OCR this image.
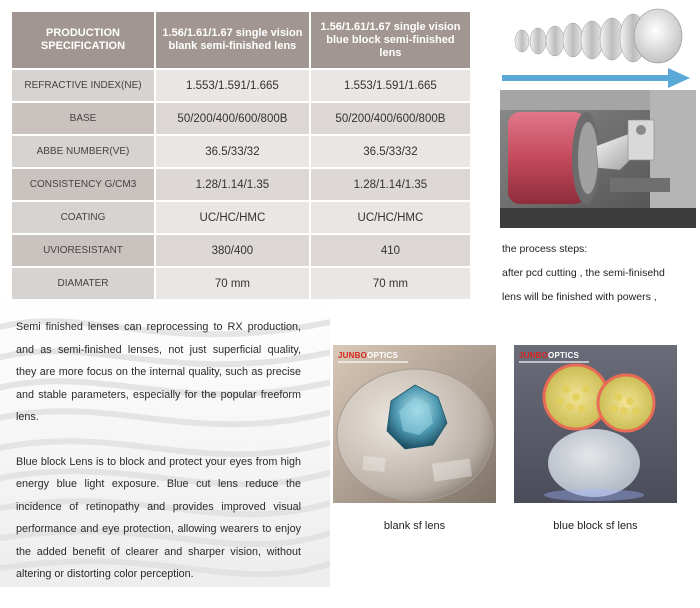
PRODUCTION SPECIFICATION	1.56/1.61/1.67 single vision blank semi-finished lens	1.56/1.61/1.67 single vision blue block semi-finished lens
REFRACTIVE INDEX(NE)	1.553/1.591/1.665	1.553/1.591/1.665
BASE	50/200/400/600/800B	50/200/400/600/800B
ABBE NUMBER(VE)	36.5/33/32	36.5/33/32
CONSISTENCY G/CM3	1.28/1.14/1.35	1.28/1.14/1.35
COATING	UC/HC/HMC	UC/HC/HMC
UVIORESISTANT	380/400	410
DIAMATER	70 mm	70 mm

the process steps:

after pcd cutting , the semi-finisehd

lens will be finished with powers ,

Semi finished lenses can reprocessing to RX production, and as semi-finished lenses, not just superficial quality, they are more focus on the internal quality, such as precise and stable parameters, especially for the popular freeform lens.

Blue block Lens is to block and protect your eyes from high energy blue light exposure. Blue cut lens reduce the incidence of retinopathy and provides improved visual performance and eye protection, allowing wearers to enjoy the added benefit of clearer and sharper vision, without altering or distorting color perception.

JUNBOOPTICS	JUNBOOPTICS
blank sf lens	blue block sf lens
